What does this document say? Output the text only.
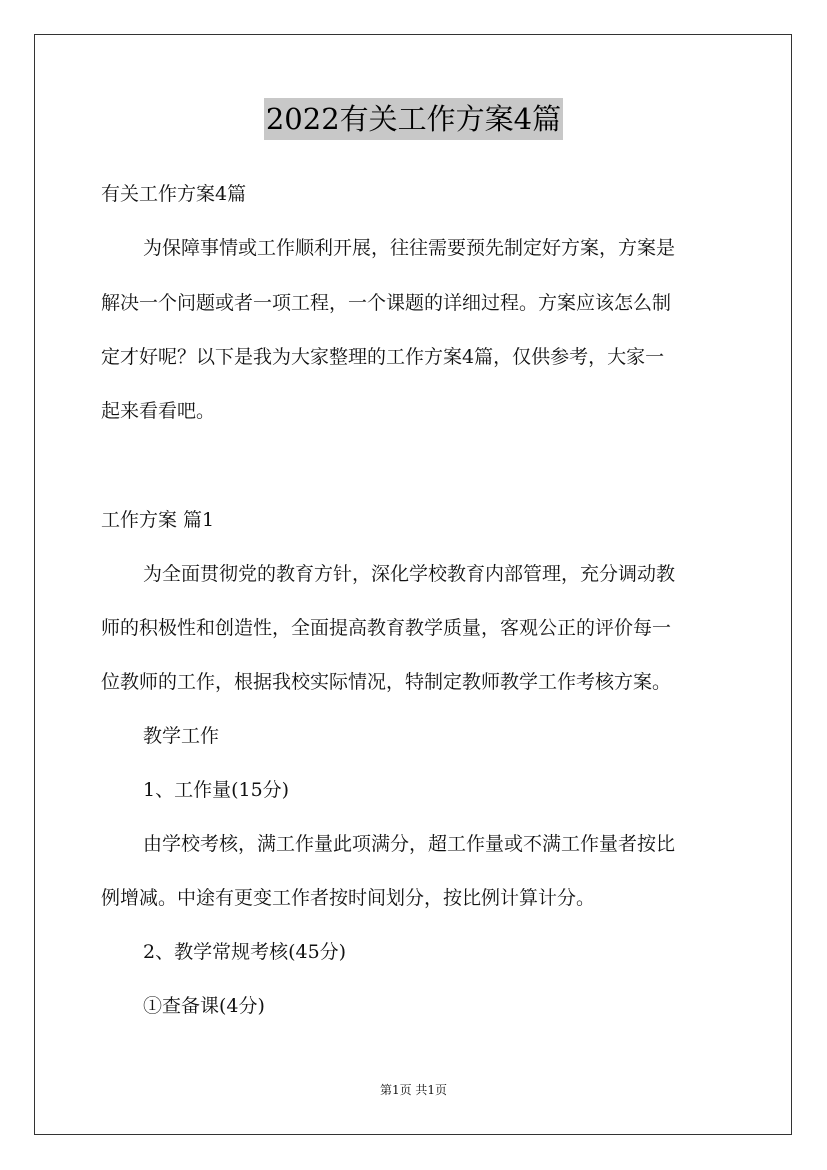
2022有关工作方案4篇
有关工作方案4篇
为保障事情或工作顺利开展，往往需要预先制定好方案，方案是
解决一个问题或者一项工程，一个课题的详细过程。方案应该怎么制
定才好呢？以下是我为大家整理的工作方案4篇，仅供参考，大家一
起来看看吧。
工作方案 篇1
为全面贯彻党的教育方针，深化学校教育内部管理，充分调动教
师的积极性和创造性，全面提高教育教学质量，客观公正的评价每一
位教师的工作，根据我校实际情况，特制定教师教学工作考核方案。
教学工作
1、工作量(15分)
由学校考核，满工作量此项满分，超工作量或不满工作量者按比
例增减。中途有更变工作者按时间划分，按比例计算计分。
2、教学常规考核(45分)
①查备课(4分)
第1页 共1页
